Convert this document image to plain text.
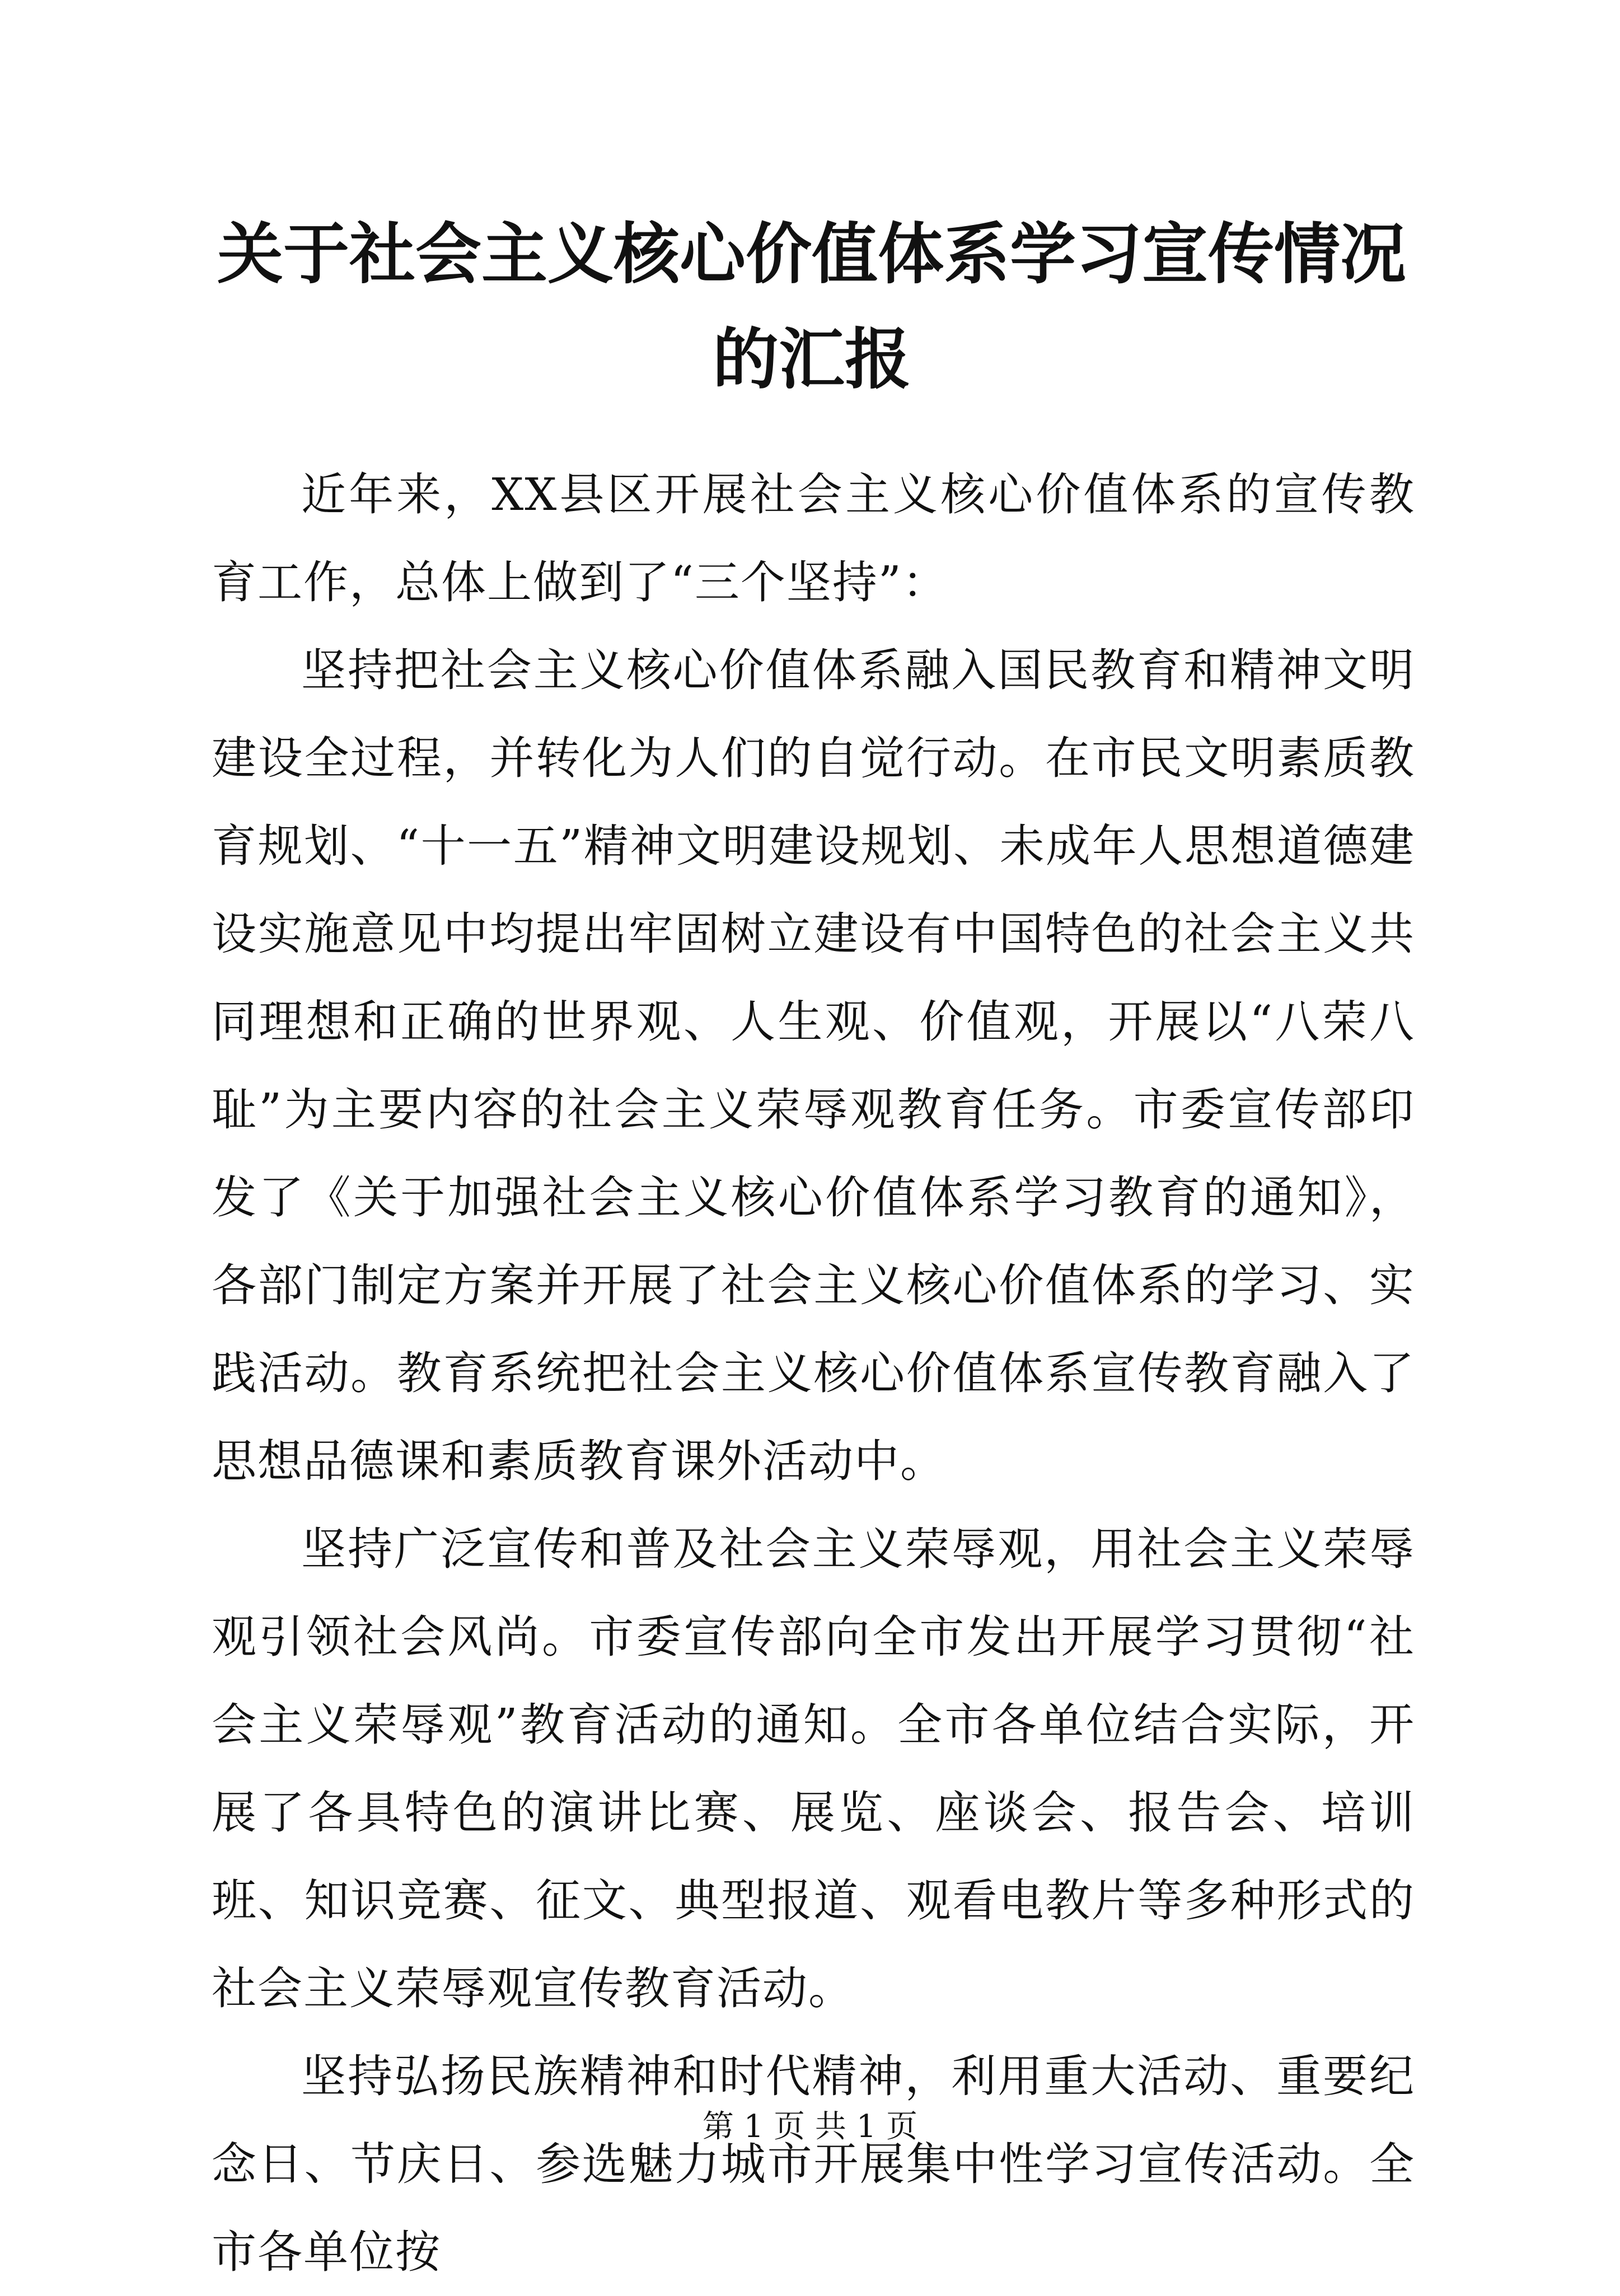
关于社会主义核心价值体系学习宣传情况的汇报

近年来，XX县区开展社会主义核心价值体系的宣传教育工作，总体上做到了“三个坚持”：

坚持把社会主义核心价值体系融入国民教育和精神文明建设全过程，并转化为人们的自觉行动。在市民文明素质教育规划、“十一五”精神文明建设规划、未成年人思想道德建设实施意见中均提出牢固树立建设有中国特色的社会主义共同理想和正确的世界观、人生观、价值观，开展以“八荣八耻”为主要内容的社会主义荣辱观教育任务。市委宣传部印发了《关于加强社会主义核心价值体系学习教育的通知》，各部门制定方案并开展了社会主义核心价值体系的学习、实践活动。教育系统把社会主义核心价值体系宣传教育融入了思想品德课和素质教育课外活动中。

坚持广泛宣传和普及社会主义荣辱观，用社会主义荣辱观引领社会风尚。市委宣传部向全市发出开展学习贯彻“社会主义荣辱观”教育活动的通知。全市各单位结合实际，开展了各具特色的演讲比赛、展览、座谈会、报告会、培训班、知识竞赛、征文、典型报道、观看电教片等多种形式的社会主义荣辱观宣传教育活动。

坚持弘扬民族精神和时代精神，利用重大活动、重要纪念日、节庆日、参选魅力城市开展集中性学习宣传活动。全市各单位按

第 1 页 共 1 页
